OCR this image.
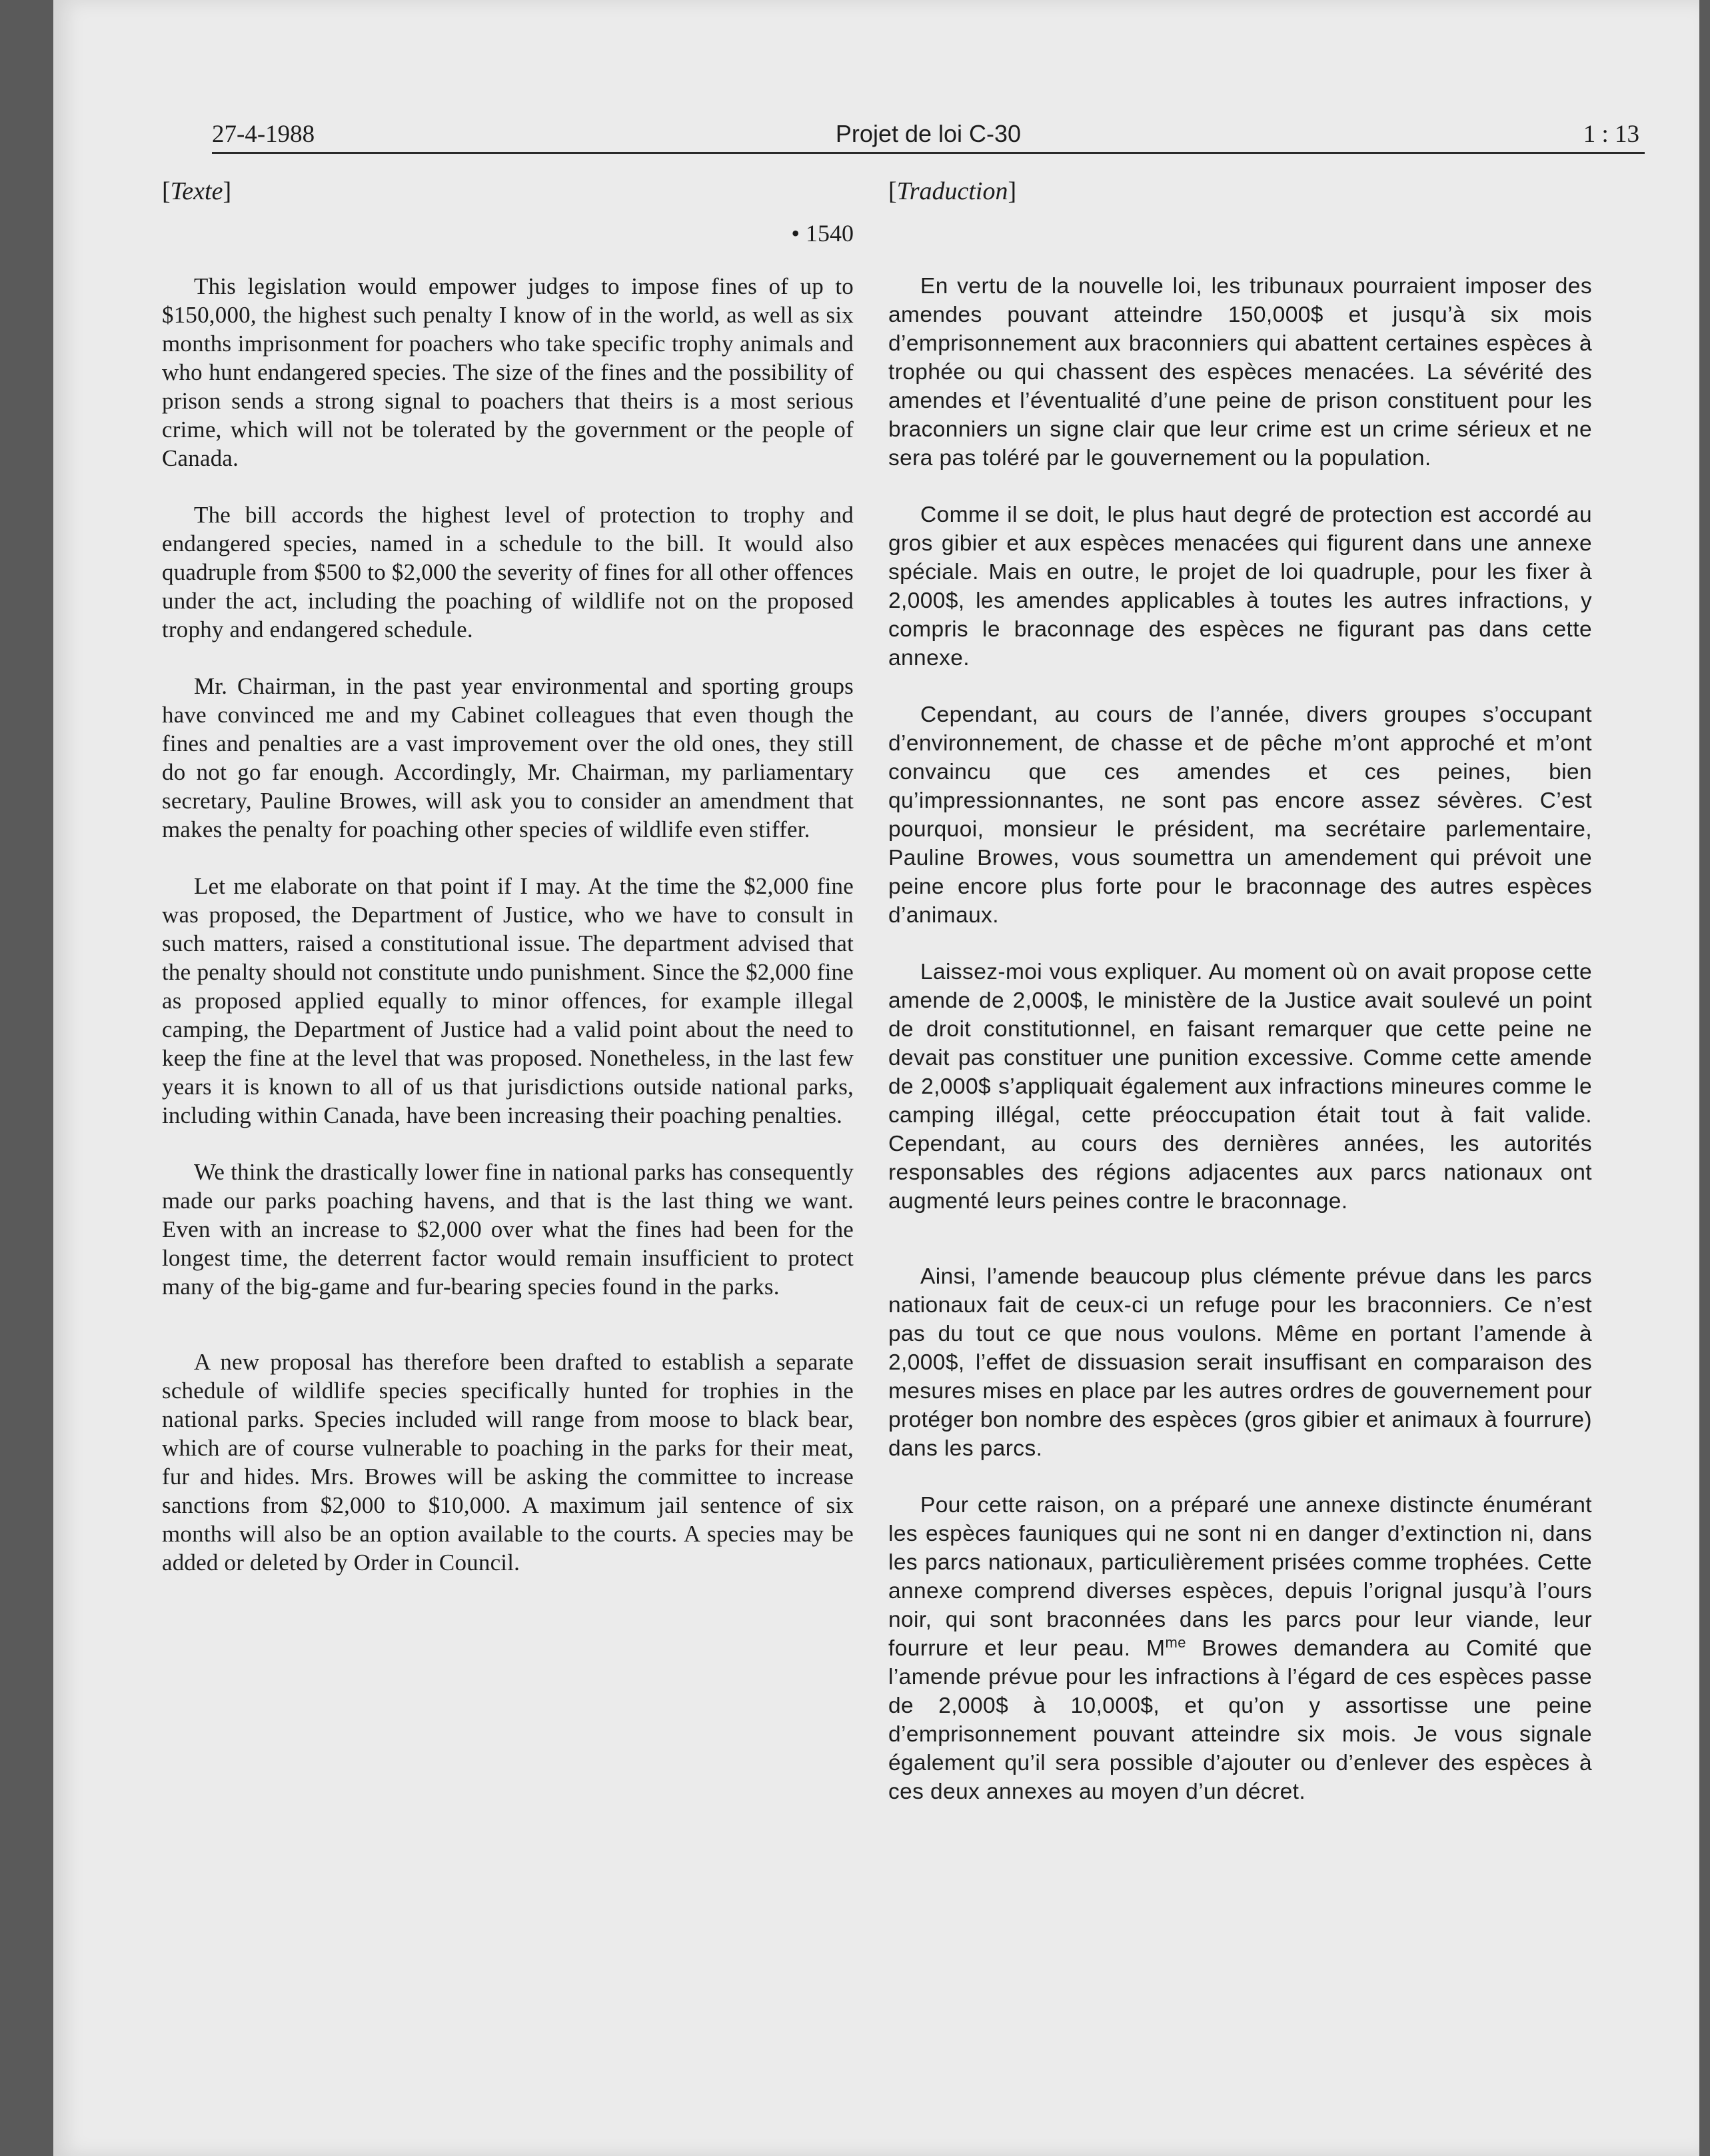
27-4-1988	Projet de loi C-30	1 : 13
[Texte]
• 1540

This legislation would empower judges to impose fines of up to $150,000, the highest such penalty I know of in the world, as well as six months imprisonment for poachers who take specific trophy animals and who hunt endangered species. The size of the fines and the possibility of prison sends a strong signal to poachers that theirs is a most serious crime, which will not be tolerated by the government or the people of Canada.

The bill accords the highest level of protection to trophy and endangered species, named in a schedule to the bill. It would also quadruple from $500 to $2,000 the severity of fines for all other offences under the act, including the poaching of wildlife not on the proposed trophy and endangered schedule.

Mr. Chairman, in the past year environmental and sporting groups have convinced me and my Cabinet colleagues that even though the fines and penalties are a vast improvement over the old ones, they still do not go far enough. Accordingly, Mr. Chairman, my parliamentary secretary, Pauline Browes, will ask you to consider an amendment that makes the penalty for poaching other species of wildlife even stiffer.

Let me elaborate on that point if I may. At the time the $2,000 fine was proposed, the Department of Justice, who we have to consult in such matters, raised a constitutional issue. The department advised that the penalty should not constitute undo punishment. Since the $2,000 fine as proposed applied equally to minor offences, for example illegal camping, the Department of Justice had a valid point about the need to keep the fine at the level that was proposed. Nonetheless, in the last few years it is known to all of us that jurisdictions outside national parks, including within Canada, have been increasing their poaching penalties.

We think the drastically lower fine in national parks has consequently made our parks poaching havens, and that is the last thing we want. Even with an increase to $2,000 over what the fines had been for the longest time, the deterrent factor would remain insufficient to protect many of the big-game and fur-bearing species found in the parks.

A new proposal has therefore been drafted to establish a separate schedule of wildlife species specifically hunted for trophies in the national parks. Species included will range from moose to black bear, which are of course vulnerable to poaching in the parks for their meat, fur and hides. Mrs. Browes will be asking the committee to increase sanctions from $2,000 to $10,000. A maximum jail sentence of six months will also be an option available to the courts. A species may be added or deleted by Order in Council.

[Traduction]

En vertu de la nouvelle loi, les tribunaux pourraient imposer des amendes pouvant atteindre 150,000$ et jusqu’à six mois d’emprisonnement aux braconniers qui abattent certaines espèces à trophée ou qui chassent des espèces menacées. La sévérité des amendes et l’éventualité d’une peine de prison constituent pour les braconniers un signe clair que leur crime est un crime sérieux et ne sera pas toléré par le gouvernement ou la population.

Comme il se doit, le plus haut degré de protection est accordé au gros gibier et aux espèces menacées qui figurent dans une annexe spéciale. Mais en outre, le projet de loi quadruple, pour les fixer à 2,000$, les amendes applicables à toutes les autres infractions, y compris le braconnage des espèces ne figurant pas dans cette annexe.

Cependant, au cours de l’année, divers groupes s’occupant d’environnement, de chasse et de pêche m’ont approché et m’ont convaincu que ces amendes et ces peines, bien qu’impressionnantes, ne sont pas encore assez sévères. C’est pourquoi, monsieur le président, ma secrétaire parlementaire, Pauline Browes, vous soumettra un amendement qui prévoit une peine encore plus forte pour le braconnage des autres espèces d’animaux.

Laissez-moi vous expliquer. Au moment où on avait propose cette amende de 2,000$, le ministère de la Justice avait soulevé un point de droit constitutionnel, en faisant remarquer que cette peine ne devait pas constituer une punition excessive. Comme cette amende de 2,000$ s’appliquait également aux infractions mineures comme le camping illégal, cette préoccupation était tout à fait valide. Cependant, au cours des dernières années, les autorités responsables des régions adjacentes aux parcs nationaux ont augmenté leurs peines contre le braconnage.

Ainsi, l’amende beaucoup plus clémente prévue dans les parcs nationaux fait de ceux-ci un refuge pour les braconniers. Ce n’est pas du tout ce que nous voulons. Même en portant l’amende à 2,000$, l’effet de dissuasion serait insuffisant en comparaison des mesures mises en place par les autres ordres de gouvernement pour protéger bon nombre des espèces (gros gibier et animaux à fourrure) dans les parcs.

Pour cette raison, on a préparé une annexe distincte énumérant les espèces fauniques qui ne sont ni en danger d’extinction ni, dans les parcs nationaux, particulièrement prisées comme trophées. Cette annexe comprend diverses espèces, depuis l’orignal jusqu’à l’ours noir, qui sont braconnées dans les parcs pour leur viande, leur fourrure et leur peau. $M^{me}$ Browes demandera au Comité que l’amende prévue pour les infractions à l’égard de ces espèces passe de 2,000$ à 10,000$, et qu’on y assortisse une peine d’emprisonnement pouvant atteindre six mois. Je vous signale également qu’il sera possible d’ajouter ou d’enlever des espèces à ces deux annexes au moyen d’un décret.
